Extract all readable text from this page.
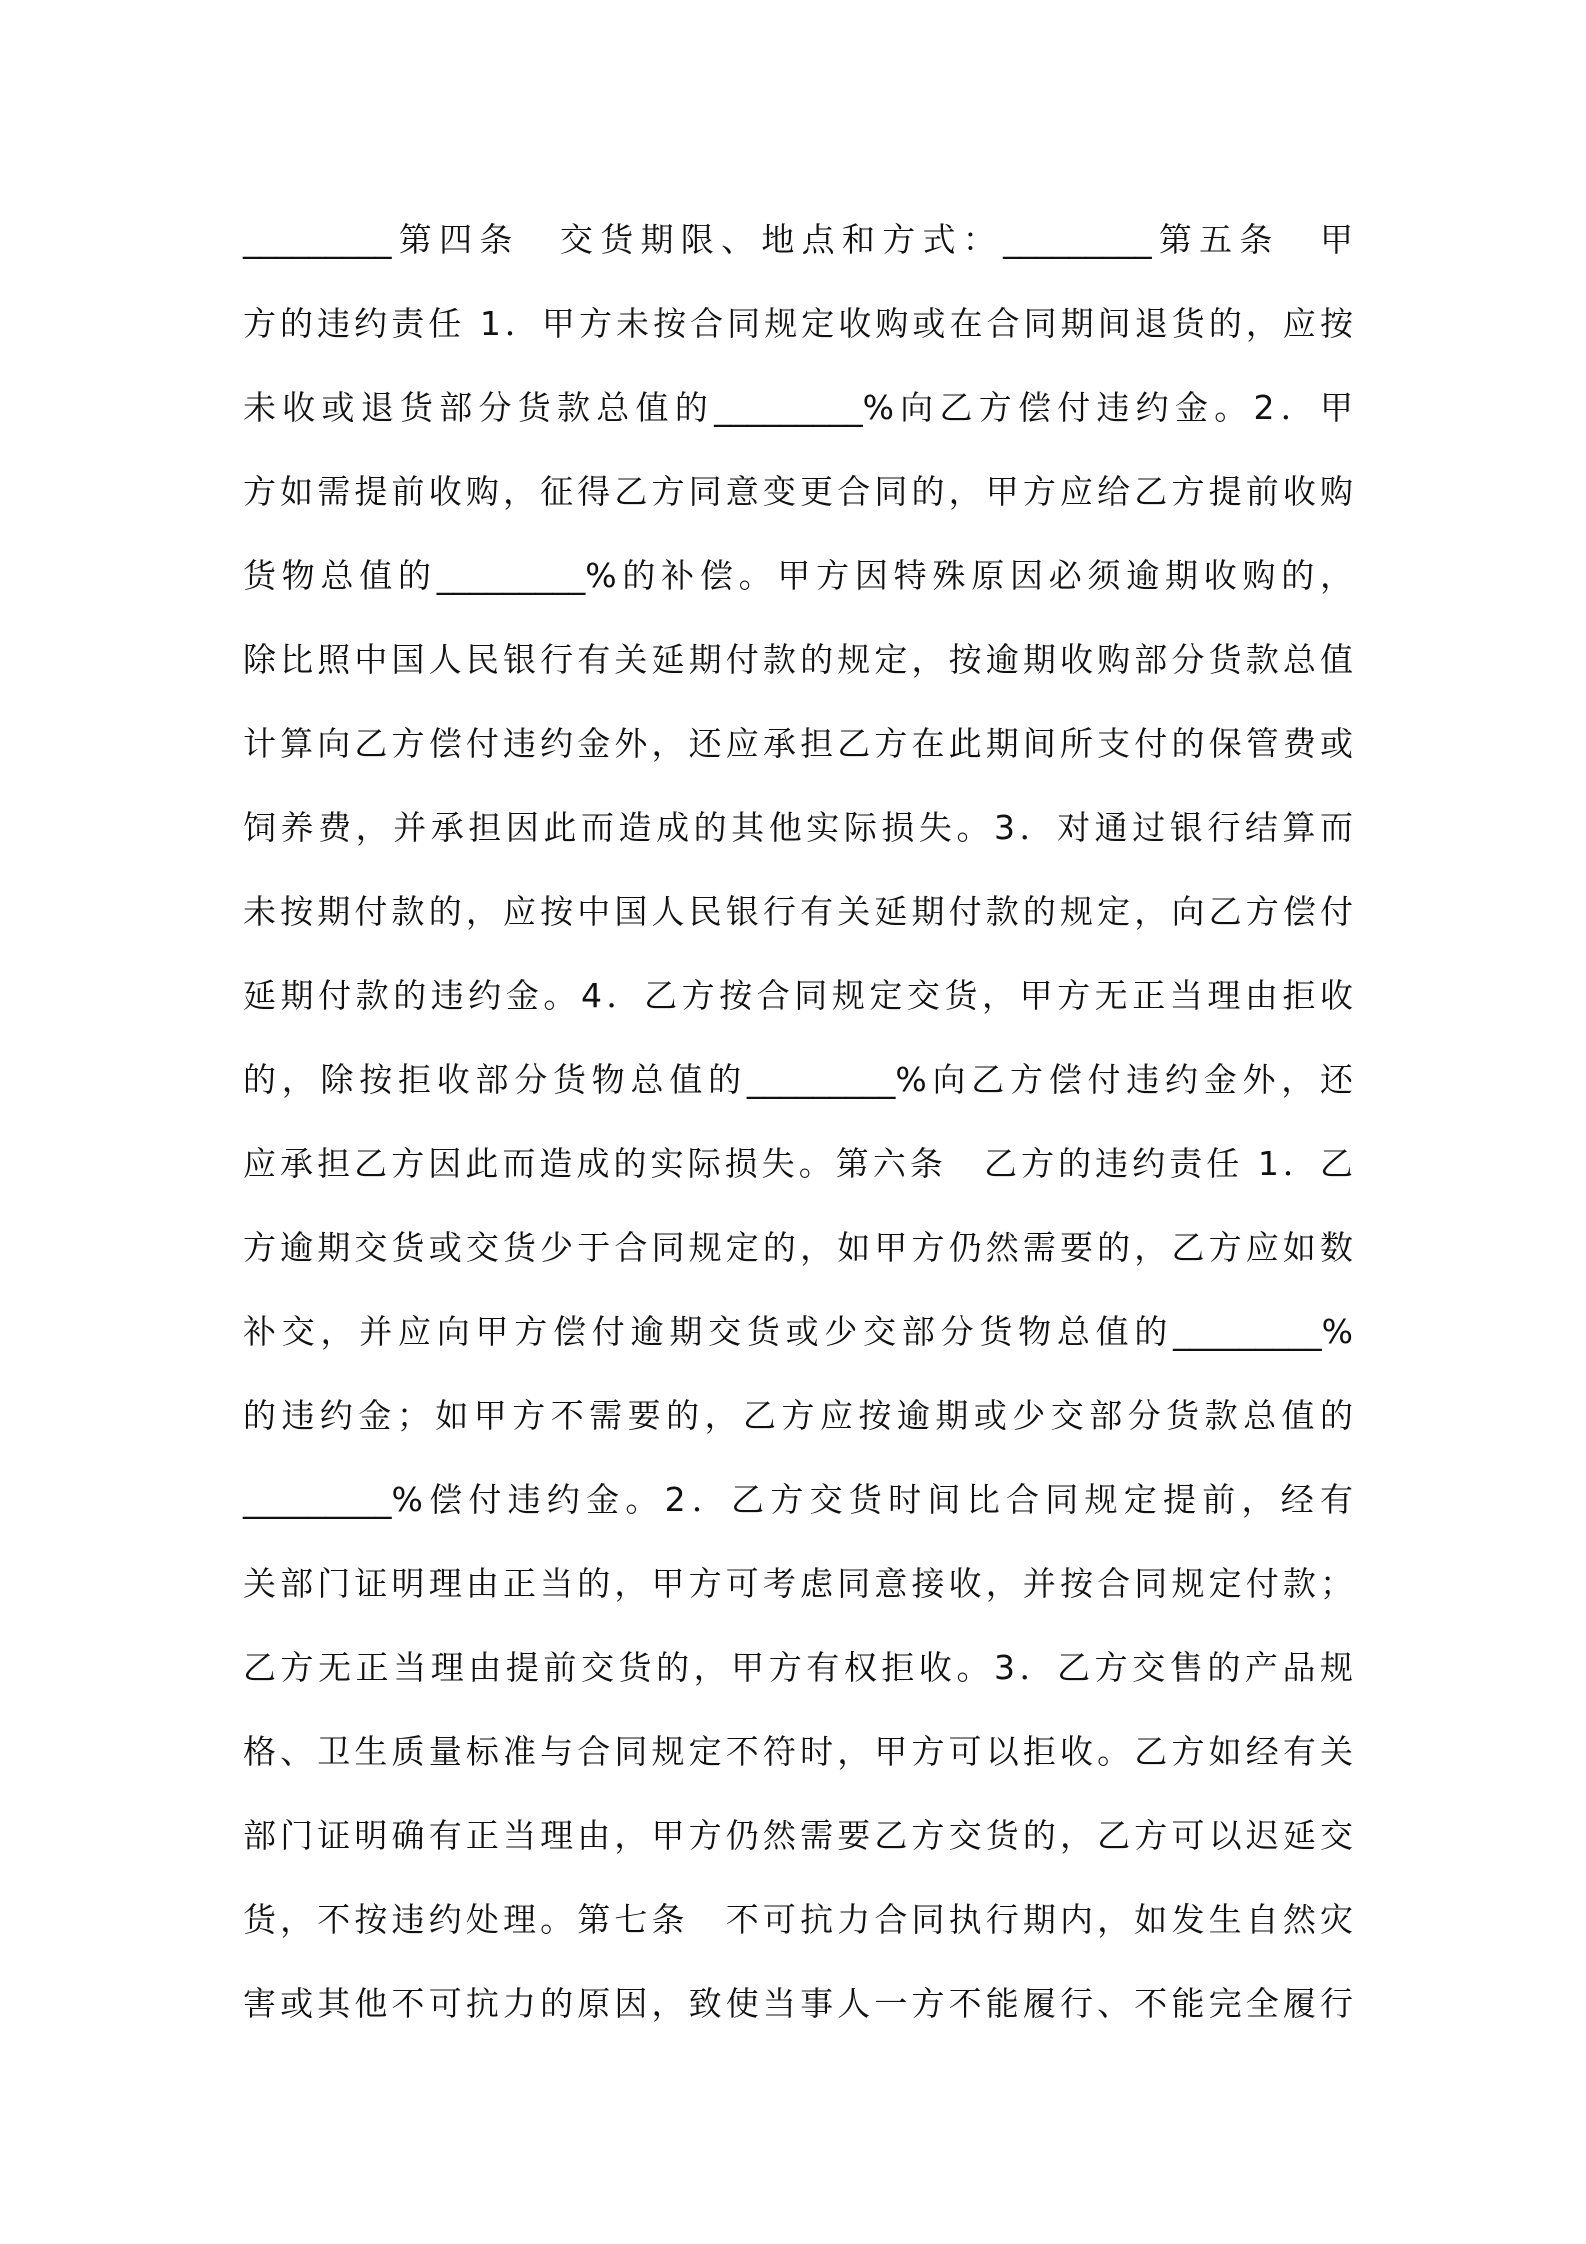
_________第四条　交货期限、地点和方式：_________第五条　甲
方的违约责任 1．甲方未按合同规定收购或在合同期间退货的，应按
未收或退货部分货款总值的_________%向乙方偿付违约金。2．甲
方如需提前收购，征得乙方同意变更合同的，甲方应给乙方提前收购
货物总值的_________%的补偿。甲方因特殊原因必须逾期收购的，
除比照中国人民银行有关延期付款的规定，按逾期收购部分货款总值
计算向乙方偿付违约金外，还应承担乙方在此期间所支付的保管费或
饲养费，并承担因此而造成的其他实际损失。3．对通过银行结算而
未按期付款的，应按中国人民银行有关延期付款的规定，向乙方偿付
延期付款的违约金。4．乙方按合同规定交货，甲方无正当理由拒收
的，除按拒收部分货物总值的_________%向乙方偿付违约金外，还
应承担乙方因此而造成的实际损失。第六条　乙方的违约责任 1．乙
方逾期交货或交货少于合同规定的，如甲方仍然需要的，乙方应如数
补交，并应向甲方偿付逾期交货或少交部分货物总值的_________%
的违约金；如甲方不需要的，乙方应按逾期或少交部分货款总值的
_________%偿付违约金。2．乙方交货时间比合同规定提前，经有
关部门证明理由正当的，甲方可考虑同意接收，并按合同规定付款；
乙方无正当理由提前交货的，甲方有权拒收。3．乙方交售的产品规
格、卫生质量标准与合同规定不符时，甲方可以拒收。乙方如经有关
部门证明确有正当理由，甲方仍然需要乙方交货的，乙方可以迟延交
货，不按违约处理。第七条　不可抗力合同执行期内，如发生自然灾
害或其他不可抗力的原因，致使当事人一方不能履行、不能完全履行
